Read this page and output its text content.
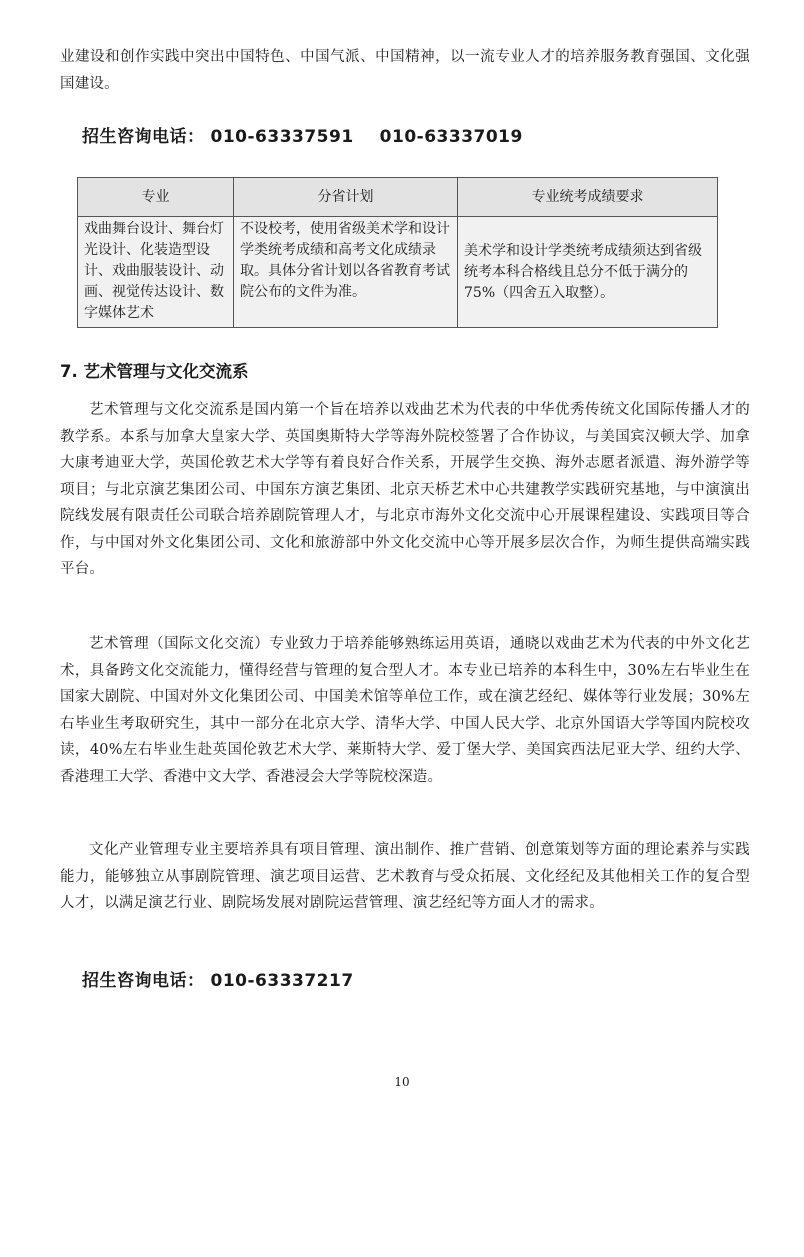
业建设和创作实践中突出中国特色、中国气派、中国精神，以一流专业人才的培养服务教育强国、文化强国建设。

招生咨询电话： 010-63337591 010-63337019
专业	分省计划	专业统考成绩要求
戏曲舞台设计、舞台灯光设计、化装造型设计、戏曲服装设计、动画、视觉传达设计、数字媒体艺术	不设校考，使用省级美术学和设计学类统考成绩和高考文化成绩录取。具体分省计划以各省教育考试院公布的文件为准。	美术学和设计学类统考成绩须达到省级统考本科合格线且总分不低于满分的 75%（四舍五入取整）。
7. 艺术管理与文化交流系

艺术管理与文化交流系是国内第一个旨在培养以戏曲艺术为代表的中华优秀传统文化国际传播人才的教学系。本系与加拿大皇家大学、英国奥斯特大学等海外院校签署了合作协议，与美国宾汉顿大学、加拿大康考迪亚大学，英国伦敦艺术大学等有着良好合作关系，开展学生交换、海外志愿者派遣、海外游学等项目；与北京演艺集团公司、中国东方演艺集团、北京天桥艺术中心共建教学实践研究基地，与中演演出院线发展有限责任公司联合培养剧院管理人才，与北京市海外文化交流中心开展课程建设、实践项目等合作，与中国对外文化集团公司、文化和旅游部中外文化交流中心等开展多层次合作，为师生提供高端实践平台。

艺术管理（国际文化交流）专业致力于培养能够熟练运用英语，通晓以戏曲艺术为代表的中外文化艺术，具备跨文化交流能力，懂得经营与管理的复合型人才。本专业已培养的本科生中，30%左右毕业生在国家大剧院、中国对外文化集团公司、中国美术馆等单位工作，或在演艺经纪、媒体等行业发展；30%左右毕业生考取研究生，其中一部分在北京大学、清华大学、中国人民大学、北京外国语大学等国内院校攻读，40%左右毕业生赴英国伦敦艺术大学、莱斯特大学、爱丁堡大学、美国宾西法尼亚大学、纽约大学、香港理工大学、香港中文大学、香港浸会大学等院校深造。

文化产业管理专业主要培养具有项目管理、演出制作、推广营销、创意策划等方面的理论素养与实践能力，能够独立从事剧院管理、演艺项目运营、艺术教育与受众拓展、文化经纪及其他相关工作的复合型人才，以满足演艺行业、剧院场发展对剧院运营管理、演艺经纪等方面人才的需求。

招生咨询电话： 010-63337217
10
